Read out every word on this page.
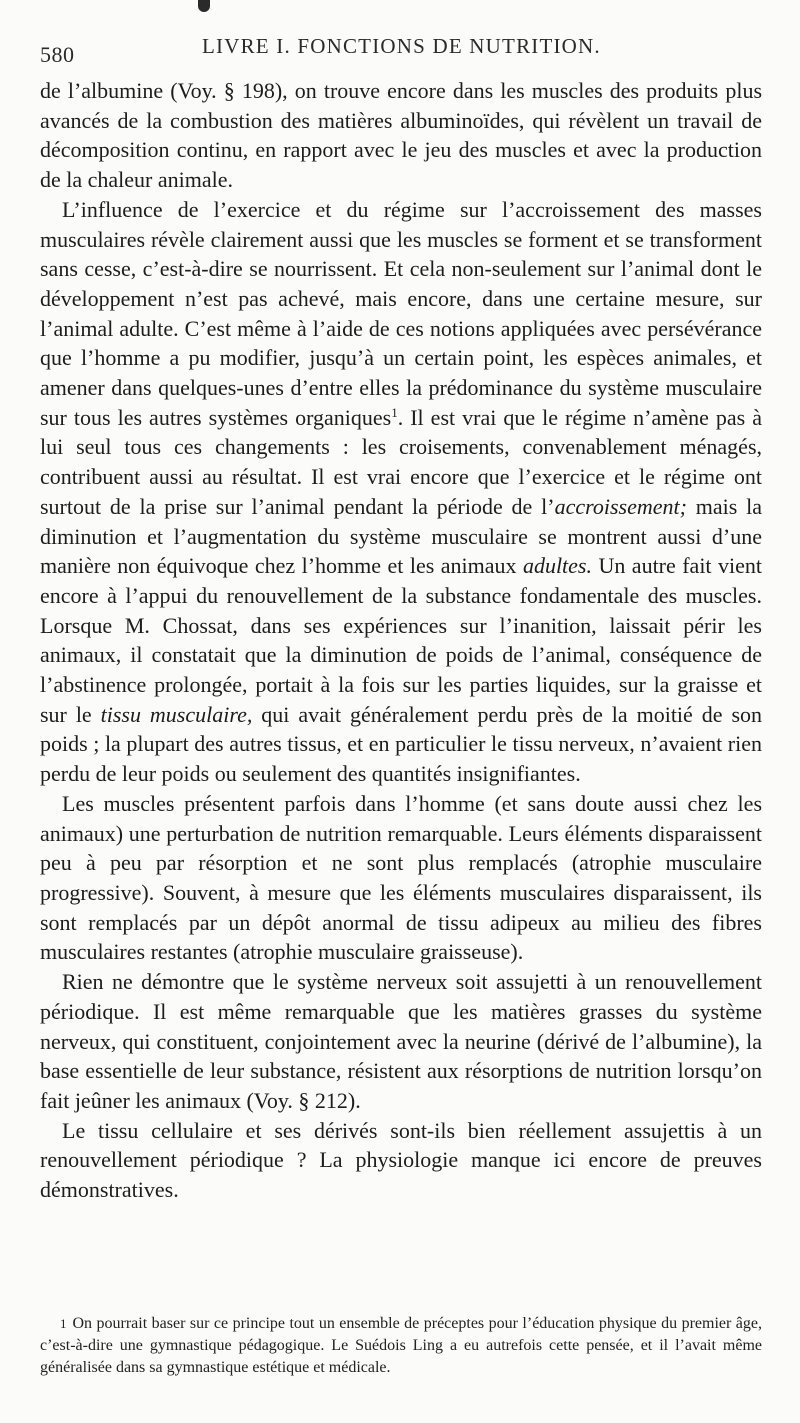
580	LIVRE I. FONCTIONS DE NUTRITION.

de l’albumine (Voy. § 198), on trouve encore dans les muscles des produits plus avancés de la combustion des matières albuminoïdes, qui révèlent un travail de décomposition continu, en rapport avec le jeu des muscles et avec la production de la chaleur animale.

L’influence de l’exercice et du régime sur l’accroissement des masses musculaires révèle clairement aussi que les muscles se forment et se transforment sans cesse, c’est-à-dire se nourrissent. Et cela non-seulement sur l’animal dont le développement n’est pas achevé, mais encore, dans une certaine mesure, sur l’animal adulte. C’est même à l’aide de ces notions appliquées avec persévérance que l’homme a pu modifier, jusqu’à un certain point, les espèces animales, et amener dans quelques-unes d’entre elles la prédominance du système musculaire sur tous les autres systèmes organiques$^1$. Il est vrai que le régime n’amène pas à lui seul tous ces changements : les croisements, convenablement ménagés, contribuent aussi au résultat. Il est vrai encore que l’exercice et le régime ont surtout de la prise sur l’animal pendant la période de l’accroissement; mais la diminution et l’augmentation du système musculaire se montrent aussi d’une manière non équivoque chez l’homme et les animaux adultes. Un autre fait vient encore à l’appui du renouvellement de la substance fondamentale des muscles. Lorsque M. Chossat, dans ses expériences sur l’inanition, laissait périr les animaux, il constatait que la diminution de poids de l’animal, conséquence de l’abstinence prolongée, portait à la fois sur les parties liquides, sur la graisse et sur le tissu musculaire, qui avait généralement perdu près de la moitié de son poids ; la plupart des autres tissus, et en particulier le tissu nerveux, n’avaient rien perdu de leur poids ou seulement des quantités insignifiantes.

Les muscles présentent parfois dans l’homme (et sans doute aussi chez les animaux) une perturbation de nutrition remarquable. Leurs éléments disparaissent peu à peu par résorption et ne sont plus remplacés (atrophie musculaire progressive). Souvent, à mesure que les éléments musculaires disparaissent, ils sont remplacés par un dépôt anormal de tissu adipeux au milieu des fibres musculaires restantes (atrophie musculaire graisseuse).

Rien ne démontre que le système nerveux soit assujetti à un renouvellement périodique. Il est même remarquable que les matières grasses du système nerveux, qui constituent, conjointement avec la neurine (dérivé de l’albumine), la base essentielle de leur substance, résistent aux résorptions de nutrition lorsqu’on fait jeûner les animaux (Voy. § 212).

Le tissu cellulaire et ses dérivés sont-ils bien réellement assujettis à un renouvellement périodique ? La physiologie manque ici encore de preuves démonstratives.

1 On pourrait baser sur ce principe tout un ensemble de préceptes pour l’éducation physique du premier âge, c’est-à-dire une gymnastique pédagogique. Le Suédois Ling a eu autrefois cette pensée, et il l’avait même généralisée dans sa gymnastique estétique et médicale.
